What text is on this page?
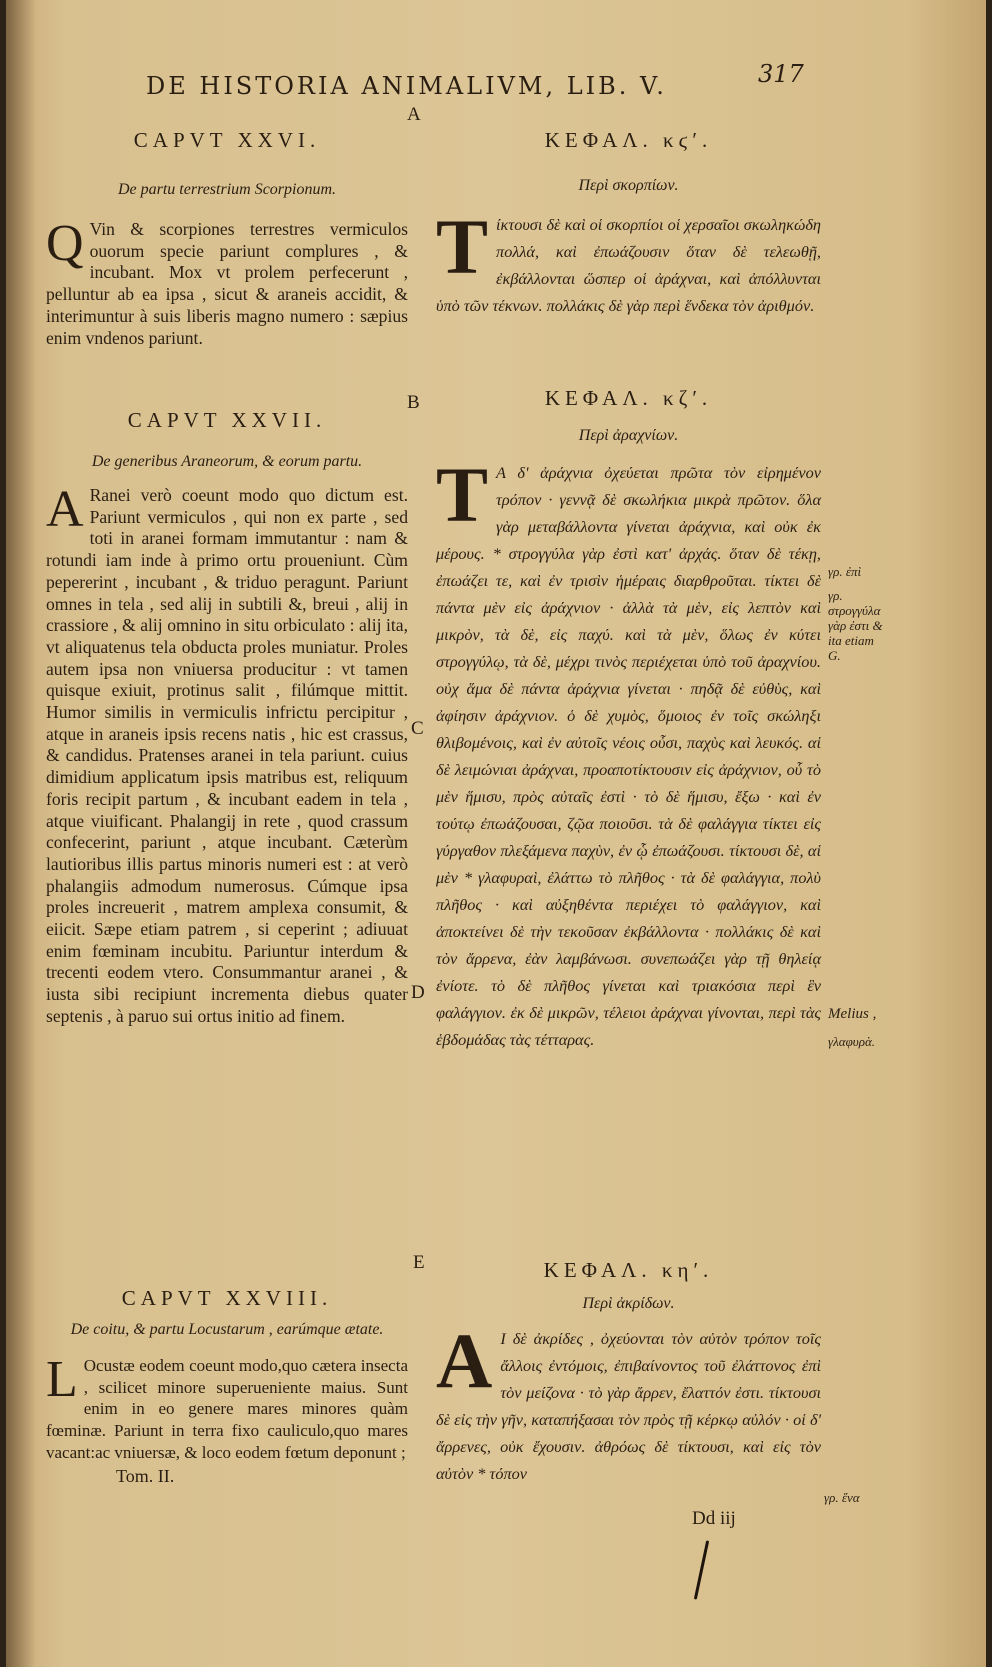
DE HISTORIA ANIMALIVM, LIB. V.	317
A
B
C
D
E
CAPVT XXVI.
De partu terrestrium Scorpionum.
Q Vin & scorpiones terrestres vermiculos ouorum specie pariunt complures , & incubant. Mox vt prolem perfecerunt , pelluntur ab ea ipsa , sicut & araneis accidit, & interimuntur à suis liberis magno numero : sæpius enim vndenos pariunt.
CAPVT XXVII.
De generibus Araneorum, & eorum partu.
A Ranei verò coeunt modo quo dictum est. Pariunt vermiculos , qui non ex parte , sed toti in aranei formam immutantur : nam & rotundi iam inde à primo ortu proueniunt. Cùm pepererint , incubant , & triduo peragunt. Pariunt omnes in tela , sed alij in subtili &, breui , alij in crassiore , & alij omnino in situ orbiculato : alij ita, vt aliquatenus tela obducta proles muniatur. Proles autem ipsa non vniuersa producitur : vt tamen quisque exiuit, protinus salit , filúmque mittit. Humor similis in vermiculis infrictu percipitur , atque in araneis ipsis recens natis , hic est crassus, & candidus. Pratenses aranei in tela pariunt. cuius dimidium applicatum ipsis matribus est, reliquum foris recipit partum , & incubant eadem in tela , atque viuificant. Phalangij in rete , quod crassum confecerint, pariunt , atque incubant. Cæterùm lautioribus illis partus minoris numeri est : at verò phalangiis admodum numerosus. Cúmque ipsa proles increuerit , matrem amplexa consumit, & eiicit. Sæpe etiam patrem , si ceperint ; adiuuat enim fœminam incubitu. Pariuntur interdum & trecenti eodem vtero. Consummantur aranei , & iusta sibi recipiunt incrementa diebus quater septenis , à paruo sui ortus initio ad finem.
CAPVT XXVIII.
De coitu, & partu Locustarum , earúmque ætate.
L Ocustæ eodem coeunt modo,quo cætera insecta , scilicet minore superueniente maius. Sunt enim in eo genere mares minores quàm fœminæ. Pariunt in terra fixo cauliculo,quo mares vacant:ac vniuersæ, & loco eodem fœtum deponunt ;
Tom. II.
ΚΕΦΑΛ. κϛʹ.
Περὶ σκορπίων.
Τίκτουσι δὲ καὶ οἱ σκορπίοι οἱ χερσαῖοι σκωληκώδη πολλά, καὶ ἐπωάζουσιν ὅταν δὲ τελεωθῇ, ἐκβάλλονται ὥσπερ οἱ ἀράχναι, καὶ ἀπόλλυνται ὑπὸ τῶν τέκνων. πολλάκις δὲ γὰρ περὶ ἕνδεκα τὸν ἀριθμόν.
ΚΕΦΑΛ. κζʹ.
Περὶ ἀραχνίων.
Τ Α δ' ἀράχνια ὀχεύεται πρῶτα τὸν εἰρημένον τρόπον · γεννᾷ δὲ σκωλήκια μικρὰ πρῶτον. ὅλα γὰρ μεταβάλλοντα γίνεται ἀράχνια, καὶ οὐκ ἐκ μέρους. * στρογγύλα γὰρ ἐστὶ κατ' ἀρχάς. ὅταν δὲ τέκῃ, ἐπωάζει τε, καὶ ἐν τρισὶν ἡμέραις διαρθροῦται. τίκτει δὲ πάντα μὲν εἰς ἀράχνιον · ἀλλὰ τὰ μὲν, εἰς λεπτὸν καὶ μικρὸν, τὰ δὲ, εἰς παχύ. καὶ τὰ μὲν, ὅλως ἐν κύτει στρογγύλῳ, τὰ δὲ, μέχρι τινὸς περιέχεται ὑπὸ τοῦ ἀραχνίου. οὐχ ἅμα δὲ πάντα ἀράχνια γίνεται · πηδᾷ δὲ εὐθὺς, καὶ ἀφίησιν ἀράχνιον. ὁ δὲ χυμὸς, ὅμοιος ἐν τοῖς σκώληξι θλιβομένοις, καὶ ἐν αὐτοῖς νέοις οὖσι, παχὺς καὶ λευκός. αἱ δὲ λειμώνιαι ἀράχναι, προαποτίκτουσιν εἰς ἀράχνιον, οὗ τὸ μὲν ἥμισυ, πρὸς αὐταῖς ἐστὶ · τὸ δὲ ἥμισυ, ἔξω · καὶ ἐν τούτῳ ἐπωάζουσαι, ζῷα ποιοῦσι. τὰ δὲ φαλάγγια τίκτει εἰς γύργαθον πλεξάμενα παχὺν, ἐν ᾧ ἐπωάζουσι. τίκτουσι δὲ, αἱ μὲν * γλαφυραὶ, ἐλάττω τὸ πλῆθος · τὰ δὲ φαλάγγια, πολὺ πλῆθος · καὶ αὐξηθέντα περιέχει τὸ φαλάγγιον, καὶ ἀποκτείνει δὲ τὴν τεκοῦσαν ἐκβάλλοντα · πολλάκις δὲ καὶ τὸν ἄρρενα, ἐὰν λαμβάνωσι. συνεπωάζει γὰρ τῇ θηλείᾳ ἐνίοτε. τὸ δὲ πλῆθος γίνεται καὶ τριακόσια περὶ ἓν φαλάγγιον. ἐκ δὲ μικρῶν, τέλειοι ἀράχναι γίνονται, περὶ τὰς ἑβδομάδας τὰς τέτταρας.
ΚΕΦΑΛ. κηʹ.
Περὶ ἀκρίδων.
Α Ι δὲ ἀκρίδες , ὀχεύονται τὸν αὐτὸν τρόπον τοῖς ἄλλοις ἐντόμοις, ἐπιβαίνοντος τοῦ ἐλάττονος ἐπὶ τὸν μείζονα · τὸ γὰρ ἄρρεν, ἔλαττόν ἐστι. τίκτουσι δὲ εἰς τὴν γῆν, καταπήξασαι τὸν πρὸς τῇ κέρκῳ αὐλόν · οἱ δ' ἄρρενες, οὐκ ἔχουσιν. ἀθρόως δὲ τίκτουσι, καὶ εἰς τὸν αὐτὸν * τόπον
γρ. ἐπὶ
γρ. στρογγύλα γὰρ ἐστι & ita etiam G.
Melius ,
γλαφυρὰ.
γρ. ἕνα
Dd iij
